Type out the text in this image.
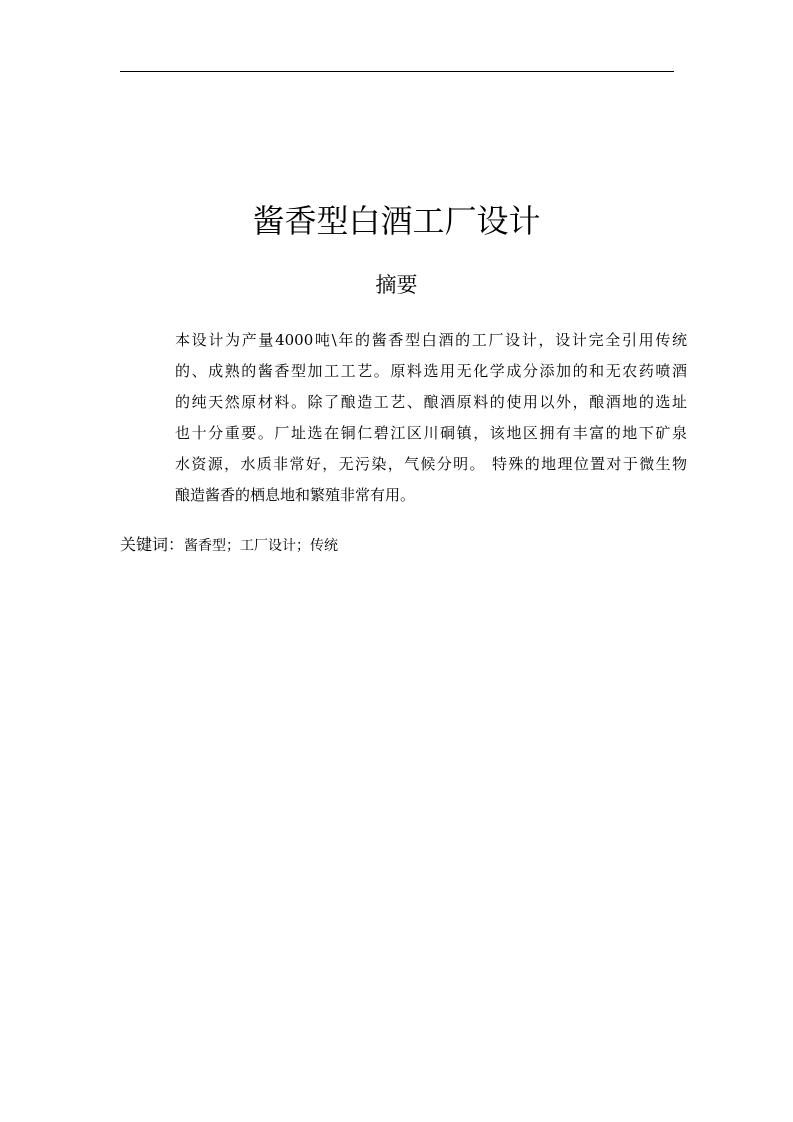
酱香型白酒工厂设计
摘要
本设计为产量4000吨\年的酱香型白酒的工厂设计，设计完全引用传统
的、成熟的酱香型加工工艺。原料选用无化学成分添加的和无农药喷酒
的纯天然原材料。除了酿造工艺、酿酒原料的使用以外，酿酒地的选址
也十分重要。厂址选在铜仁碧江区川硐镇，该地区拥有丰富的地下矿泉
水资源，水质非常好，无污染，气候分明。 特殊的地理位置对于微生物
酿造酱香的栖息地和繁殖非常有用。

关键词：酱香型；工厂设计；传统
